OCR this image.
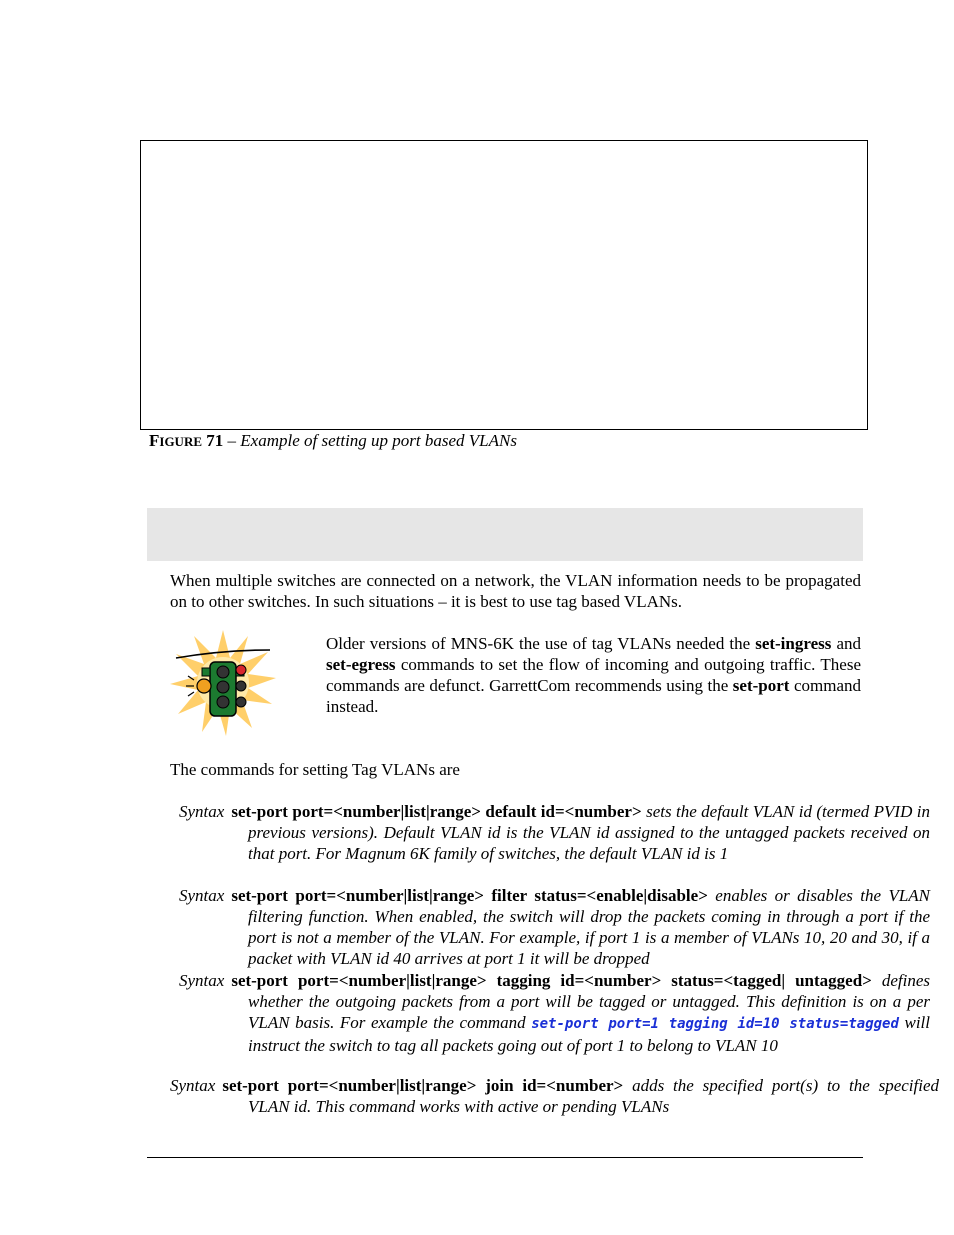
FIGURE 71 – Example of setting up port based VLANs
When multiple switches are connected on a network, the VLAN information needs to be propagated on to other switches. In such situations – it is best to use tag based VLANs.
Older versions of MNS-6K the use of tag VLANs needed the set-ingress and set-egress commands to set the flow of incoming and outgoing traffic. These commands are defunct. GarrettCom recommends using the set-port command instead.
The commands for setting Tag VLANs are
Syntax set-port port=<number|list|range> default id=<number> sets the default VLAN id (termed PVID in previous versions). Default VLAN id is the VLAN id assigned to the untagged packets received on that port. For Magnum 6K family of switches, the default VLAN id is 1
Syntax set-port port=<number|list|range> filter status=<enable|disable> enables or disables the VLAN filtering function. When enabled, the switch will drop the packets coming in through a port if the port is not a member of the VLAN. For example, if port 1 is a member of VLANs 10, 20 and 30, if a packet with VLAN id 40 arrives at port 1 it will be dropped
Syntax set-port port=<number|list|range> tagging id=<number> status=<tagged| untagged> defines whether the outgoing packets from a port will be tagged or untagged. This definition is on a per VLAN basis. For example the command set-port port=1 tagging id=10 status=tagged will instruct the switch to tag all packets going out of port 1 to belong to VLAN 10
Syntax set-port port=<number|list|range> join id=<number> adds the specified port(s) to the specified VLAN id. This command works with active or pending VLANs
